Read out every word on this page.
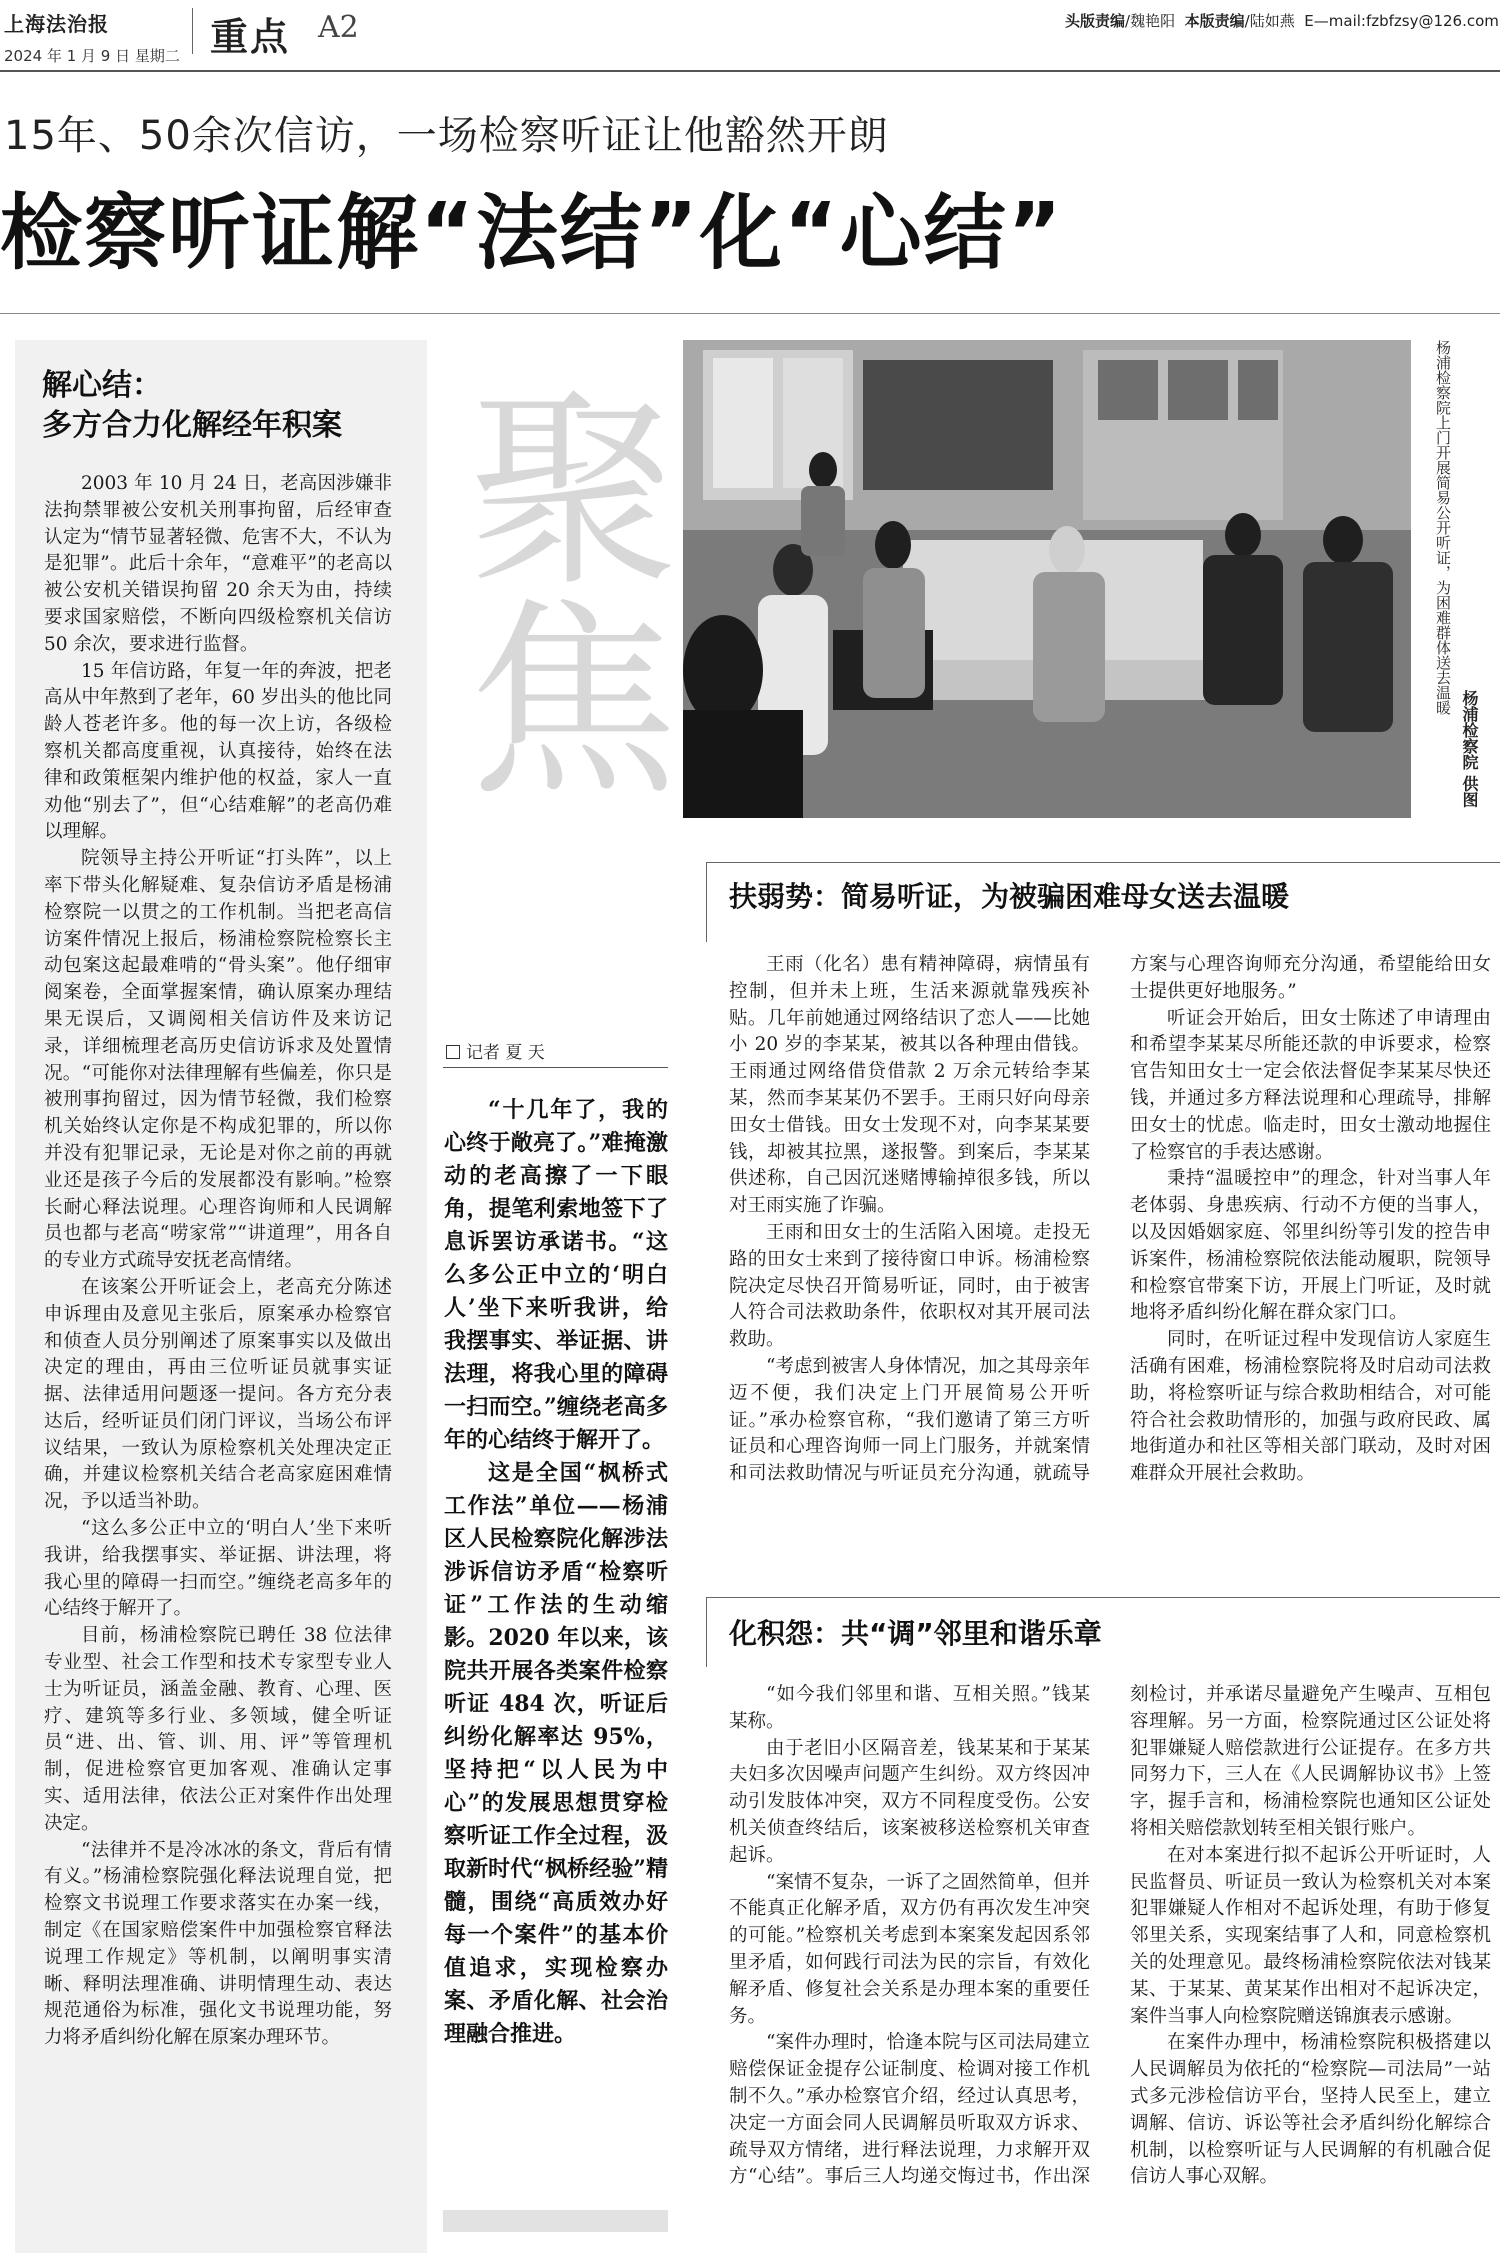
上海法治报
2024 年 1 月 9 日 星期二 重点 A2	头版责编/魏艳阳 本版责编/陆如燕 E—mail:fzbfzsy@126.com
15年、50余次信访，一场检察听证让他豁然开朗
检察听证解“法结”化“心结”
解心结：
多方合力化解经年积案

2003 年 10 月 24 日，老高因涉嫌非法拘禁罪被公安机关刑事拘留，后经审查认定为“情节显著轻微、危害不大，不认为是犯罪”。此后十余年，“意难平”的老高以被公安机关错误拘留 20 余天为由，持续要求国家赔偿，不断向四级检察机关信访 50 余次，要求进行监督。

15 年信访路，年复一年的奔波，把老高从中年熬到了老年，60 岁出头的他比同龄人苍老许多。他的每一次上访，各级检察机关都高度重视，认真接待，始终在法律和政策框架内维护他的权益，家人一直劝他“别去了”，但“心结难解”的老高仍难以理解。

院领导主持公开听证“打头阵”，以上率下带头化解疑难、复杂信访矛盾是杨浦检察院一以贯之的工作机制。当把老高信访案件情况上报后，杨浦检察院检察长主动包案这起最难啃的“骨头案”。他仔细审阅案卷，全面掌握案情，确认原案办理结果无误后，又调阅相关信访件及来访记录，详细梳理老高历史信访诉求及处置情况。“可能你对法律理解有些偏差，你只是被刑事拘留过，因为情节轻微，我们检察机关始终认定你是不构成犯罪的，所以你并没有犯罪记录，无论是对你之前的再就业还是孩子今后的发展都没有影响。”检察长耐心释法说理。心理咨询师和人民调解员也都与老高“唠家常”“讲道理”，用各自的专业方式疏导安抚老高情绪。

在该案公开听证会上，老高充分陈述申诉理由及意见主张后，原案承办检察官和侦查人员分别阐述了原案事实以及做出决定的理由，再由三位听证员就事实证据、法律适用问题逐一提问。各方充分表达后，经听证员们闭门评议，当场公布评议结果，一致认为原检察机关处理决定正确，并建议检察机关结合老高家庭困难情况，予以适当补助。

“这么多公正中立的‘明白人’坐下来听我讲，给我摆事实、举证据、讲法理，将我心里的障碍一扫而空。”缠绕老高多年的心结终于解开了。

目前，杨浦检察院已聘任 38 位法律专业型、社会工作型和技术专家型专业人士为听证员，涵盖金融、教育、心理、医疗、建筑等多行业、多领域，健全听证员“进、出、管、训、用、评”等管理机制，促进检察官更加客观、准确认定事实、适用法律，依法公正对案件作出处理决定。

“法律并不是冷冰冰的条文，背后有情有义。”杨浦检察院强化释法说理自觉，把检察文书说理工作要求落实在办案一线，制定《在国家赔偿案件中加强检察官释法说理工作规定》等机制，以阐明事实清晰、释明法理准确、讲明情理生动、表达规范通俗为标准，强化文书说理功能，努力将矛盾纠纷化解在原案办理环节。

聚焦
记者 夏 天

“十几年了，我的心终于敞亮了。”难掩激动的老高擦了一下眼角，提笔利索地签下了息诉罢访承诺书。“这么多公正中立的‘明白人’坐下来听我讲，给我摆事实、举证据、讲法理，将我心里的障碍一扫而空。”缠绕老高多年的心结终于解开了。

这是全国“枫桥式工作法”单位——杨浦区人民检察院化解涉法涉诉信访矛盾“检察听证”工作法的生动缩影。2020 年以来，该院共开展各类案件检察听证 484 次，听证后纠纷化解率达 95%，坚持把“以人民为中心”的发展思想贯穿检察听证工作全过程，汲取新时代“枫桥经验”精髓，围绕“高质效办好每一个案件”的基本价值追求，实现检察办案、矛盾化解、社会治理融合推进。

杨浦检察院上门开展简易公开听证，为困难群体送去温暖
杨浦检察院 供图
扶弱势：简易听证，为被骗困难母女送去温暖

王雨（化名）患有精神障碍，病情虽有控制，但并未上班，生活来源就靠残疾补贴。几年前她通过网络结识了恋人——比她小 20 岁的李某某，被其以各种理由借钱。王雨通过网络借贷借款 2 万余元转给李某某，然而李某某仍不罢手。王雨只好向母亲田女士借钱。田女士发现不对，向李某某要钱，却被其拉黑，遂报警。到案后，李某某供述称，自己因沉迷赌博输掉很多钱，所以对王雨实施了诈骗。

王雨和田女士的生活陷入困境。走投无路的田女士来到了接待窗口申诉。杨浦检察院决定尽快召开简易听证，同时，由于被害人符合司法救助条件，依职权对其开展司法救助。

“考虑到被害人身体情况，加之其母亲年迈不便，我们决定上门开展简易公开听证。”承办检察官称，“我们邀请了第三方听证员和心理咨询师一同上门服务，并就案情和司法救助情况与听证员充分沟通，就疏导方案与心理咨询师充分沟通，希望能给田女士提供更好地服务。”

听证会开始后，田女士陈述了申请理由和希望李某某尽所能还款的申诉要求，检察官告知田女士一定会依法督促李某某尽快还钱，并通过多方释法说理和心理疏导，排解田女士的忧虑。临走时，田女士激动地握住了检察官的手表达感谢。

秉持“温暖控申”的理念，针对当事人年老体弱、身患疾病、行动不方便的当事人，以及因婚姻家庭、邻里纠纷等引发的控告申诉案件，杨浦检察院依法能动履职，院领导和检察官带案下访，开展上门听证，及时就地将矛盾纠纷化解在群众家门口。

同时，在听证过程中发现信访人家庭生活确有困难，杨浦检察院将及时启动司法救助，将检察听证与综合救助相结合，对可能符合社会救助情形的，加强与政府民政、属地街道办和社区等相关部门联动，及时对困难群众开展社会救助。

化积怨：共“调”邻里和谐乐章

“如今我们邻里和谐、互相关照。”钱某某称。

由于老旧小区隔音差，钱某某和于某某夫妇多次因噪声问题产生纠纷。双方终因冲动引发肢体冲突，双方不同程度受伤。公安机关侦查终结后，该案被移送检察机关审查起诉。

“案情不复杂，一诉了之固然简单，但并不能真正化解矛盾，双方仍有再次发生冲突的可能。”检察机关考虑到本案案发起因系邻里矛盾，如何践行司法为民的宗旨，有效化解矛盾、修复社会关系是办理本案的重要任务。

“案件办理时，恰逢本院与区司法局建立赔偿保证金提存公证制度、检调对接工作机制不久。”承办检察官介绍，经过认真思考，决定一方面会同人民调解员听取双方诉求、疏导双方情绪，进行释法说理，力求解开双方“心结”。事后三人均递交悔过书，作出深刻检讨，并承诺尽量避免产生噪声、互相包容理解。另一方面，检察院通过区公证处将犯罪嫌疑人赔偿款进行公证提存。在多方共同努力下，三人在《人民调解协议书》上签字，握手言和，杨浦检察院也通知区公证处将相关赔偿款划转至相关银行账户。

在对本案进行拟不起诉公开听证时，人民监督员、听证员一致认为检察机关对本案犯罪嫌疑人作相对不起诉处理，有助于修复邻里关系，实现案结事了人和，同意检察机关的处理意见。最终杨浦检察院依法对钱某某、于某某、黄某某作出相对不起诉决定，案件当事人向检察院赠送锦旗表示感谢。

在案件办理中，杨浦检察院积极搭建以人民调解员为依托的“检察院—司法局”一站式多元涉检信访平台，坚持人民至上，建立调解、信访、诉讼等社会矛盾纠纷化解综合机制，以检察听证与人民调解的有机融合促信访人事心双解。
